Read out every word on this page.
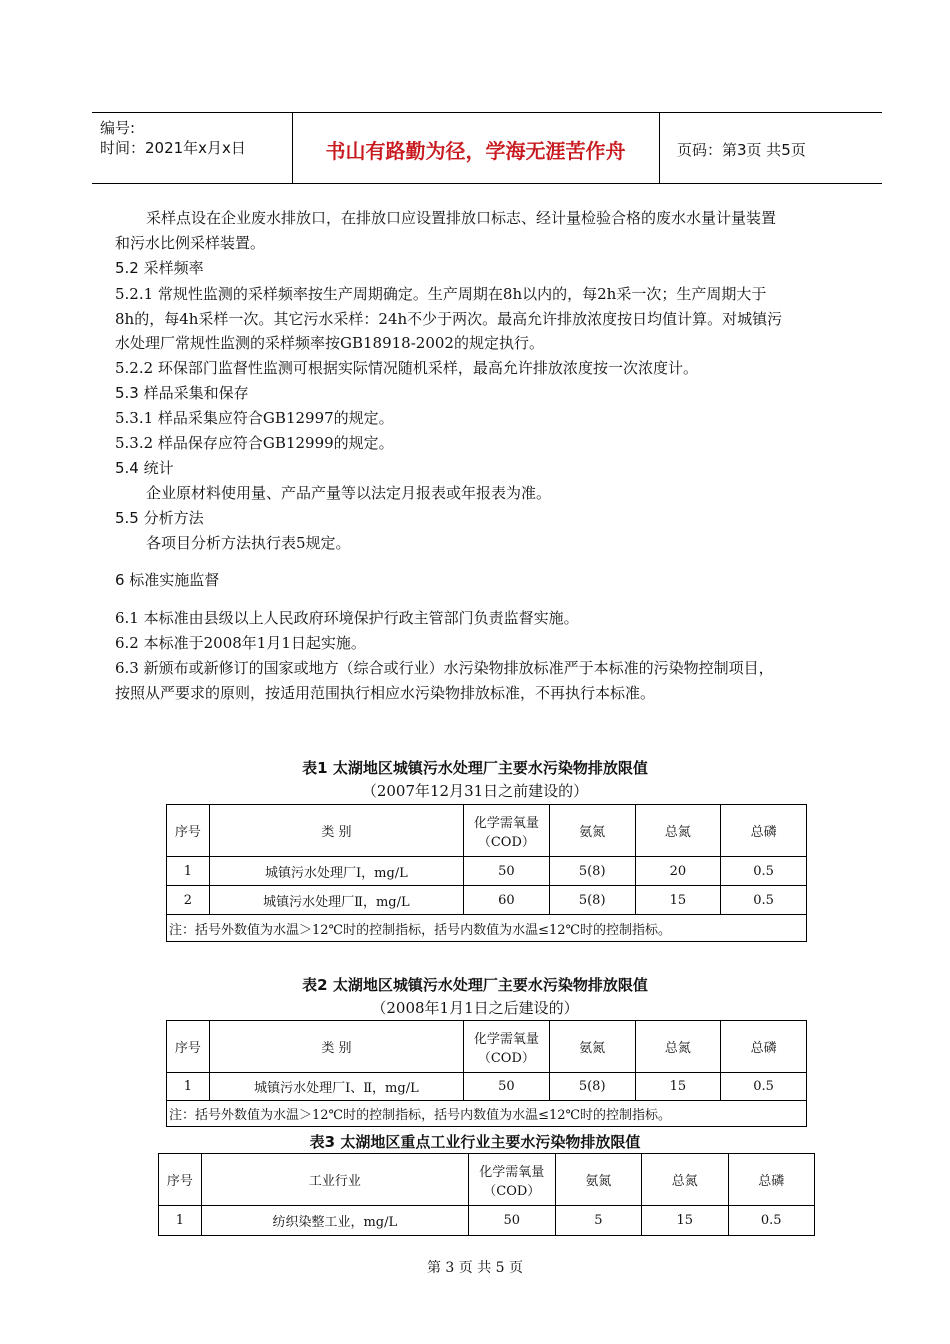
编号:
时间：2021年x月x日	书山有路勤为径，学海无涯苦作舟	页码：第3页 共5页
采样点设在企业废水排放口，在排放口应设置排放口标志、经计量检验合格的废水水量计量装置
和污水比例采样装置。
5.2 采样频率
5.2.1 常规性监测的采样频率按生产周期确定。生产周期在8h以内的，每2h采一次；生产周期大于
8h的，每4h采样一次。其它污水采样：24h不少于两次。最高允许排放浓度按日均值计算。对城镇污
水处理厂常规性监测的采样频率按GB18918-2002的规定执行。
5.2.2 环保部门监督性监测可根据实际情况随机采样，最高允许排放浓度按一次浓度计。
5.3 样品采集和保存
5.3.1 样品采集应符合GB12997的规定。
5.3.2 样品保存应符合GB12999的规定。
5.4 统计
企业原材料使用量、产品产量等以法定月报表或年报表为准。
5.5 分析方法
各项目分析方法执行表5规定。
6 标准实施监督
6.1 本标准由县级以上人民政府环境保护行政主管部门负责监督实施。
6.2 本标准于2008年1月1日起实施。
6.3 新颁布或新修订的国家或地方（综合或行业）水污染物排放标准严于本标准的污染物控制项目，
按照从严要求的原则，按适用范围执行相应水污染物排放标准，不再执行本标准。
表1 太湖地区城镇污水处理厂主要水污染物排放限值
（2007年12月31日之前建设的）
序号	类 别	化学需氧量
（COD）	氨氮	总氮	总磷
1	城镇污水处理厂Ⅰ，mg/L	50	5(8)	20	0.5
2	城镇污水处理厂Ⅱ，mg/L	60	5(8)	15	0.5
注：括号外数值为水温＞12℃时的控制指标，括号内数值为水温≤12℃时的控制指标。					
表2 太湖地区城镇污水处理厂主要水污染物排放限值
（2008年1月1日之后建设的）
序号	类 别	化学需氧量
（COD）	氨氮	总氮	总磷
1	城镇污水处理厂Ⅰ、Ⅱ，mg/L	50	5(8)	15	0.5
注：括号外数值为水温＞12℃时的控制指标，括号内数值为水温≤12℃时的控制指标。					
表3 太湖地区重点工业行业主要水污染物排放限值
序号	工业行业	化学需氧量
（COD）	氨氮	总氮	总磷
1	纺织染整工业，mg/L	50	5	15	0.5
第 3 页 共 5 页
